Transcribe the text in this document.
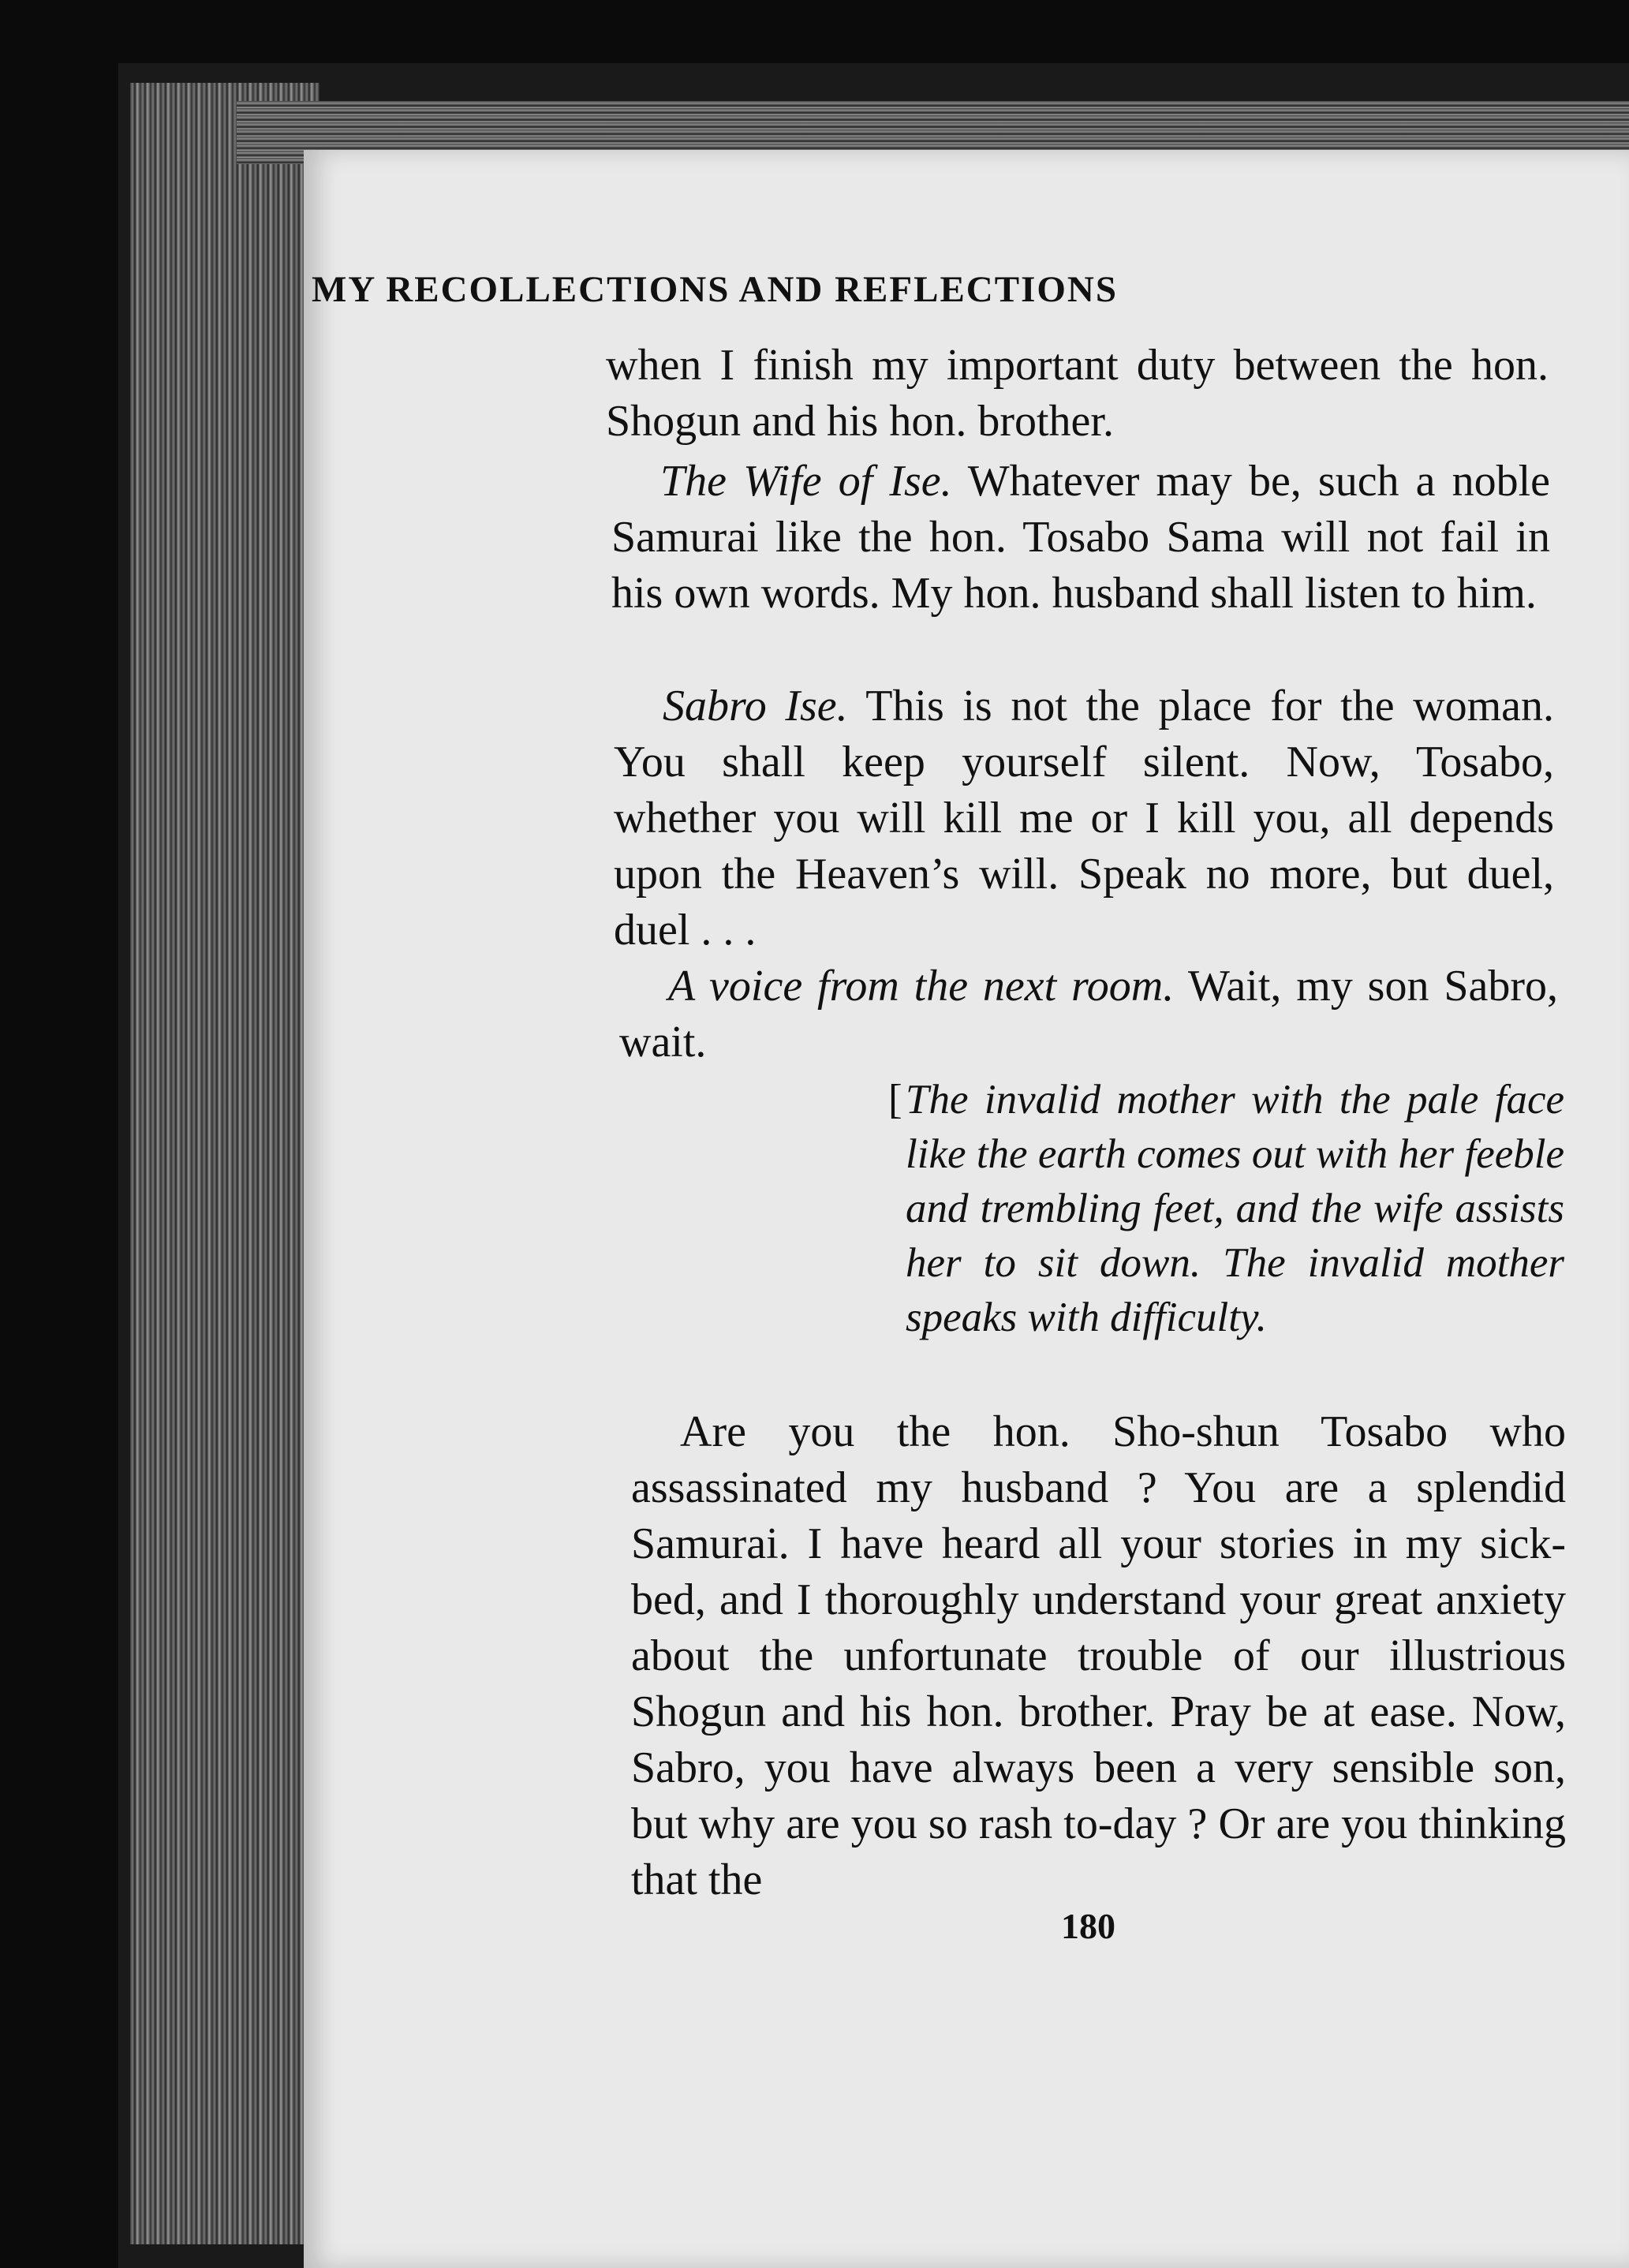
MY RECOLLECTIONS AND REFLECTIONS
when I finish my important duty between the hon. Shogun and his hon. brother.
The Wife of Ise. Whatever may be, such a noble Samurai like the hon. Tosabo Sama will not fail in his own words. My hon. husband shall listen to him.
Sabro Ise. This is not the place for the woman. You shall keep yourself silent. Now, Tosabo, whether you will kill me or I kill you, all depends upon the Heaven’s will. Speak no more, but duel, duel . . .
A voice from the next room. Wait, my son Sabro, wait.
[ The invalid mother with the pale face like the earth comes out with her feeble and trembling feet, and the wife assists her to sit down. The invalid mother speaks with difficulty.
Are you the hon. Sho-shun Tosabo who assassinated my husband ? You are a splendid Samurai. I have heard all your stories in my sick-bed, and I thoroughly understand your great anxiety about the unfortunate trouble of our illustrious Shogun and his hon. brother. Pray be at ease. Now, Sabro, you have always been a very sensible son, but why are you so rash to-day ? Or are you thinking that the
180
